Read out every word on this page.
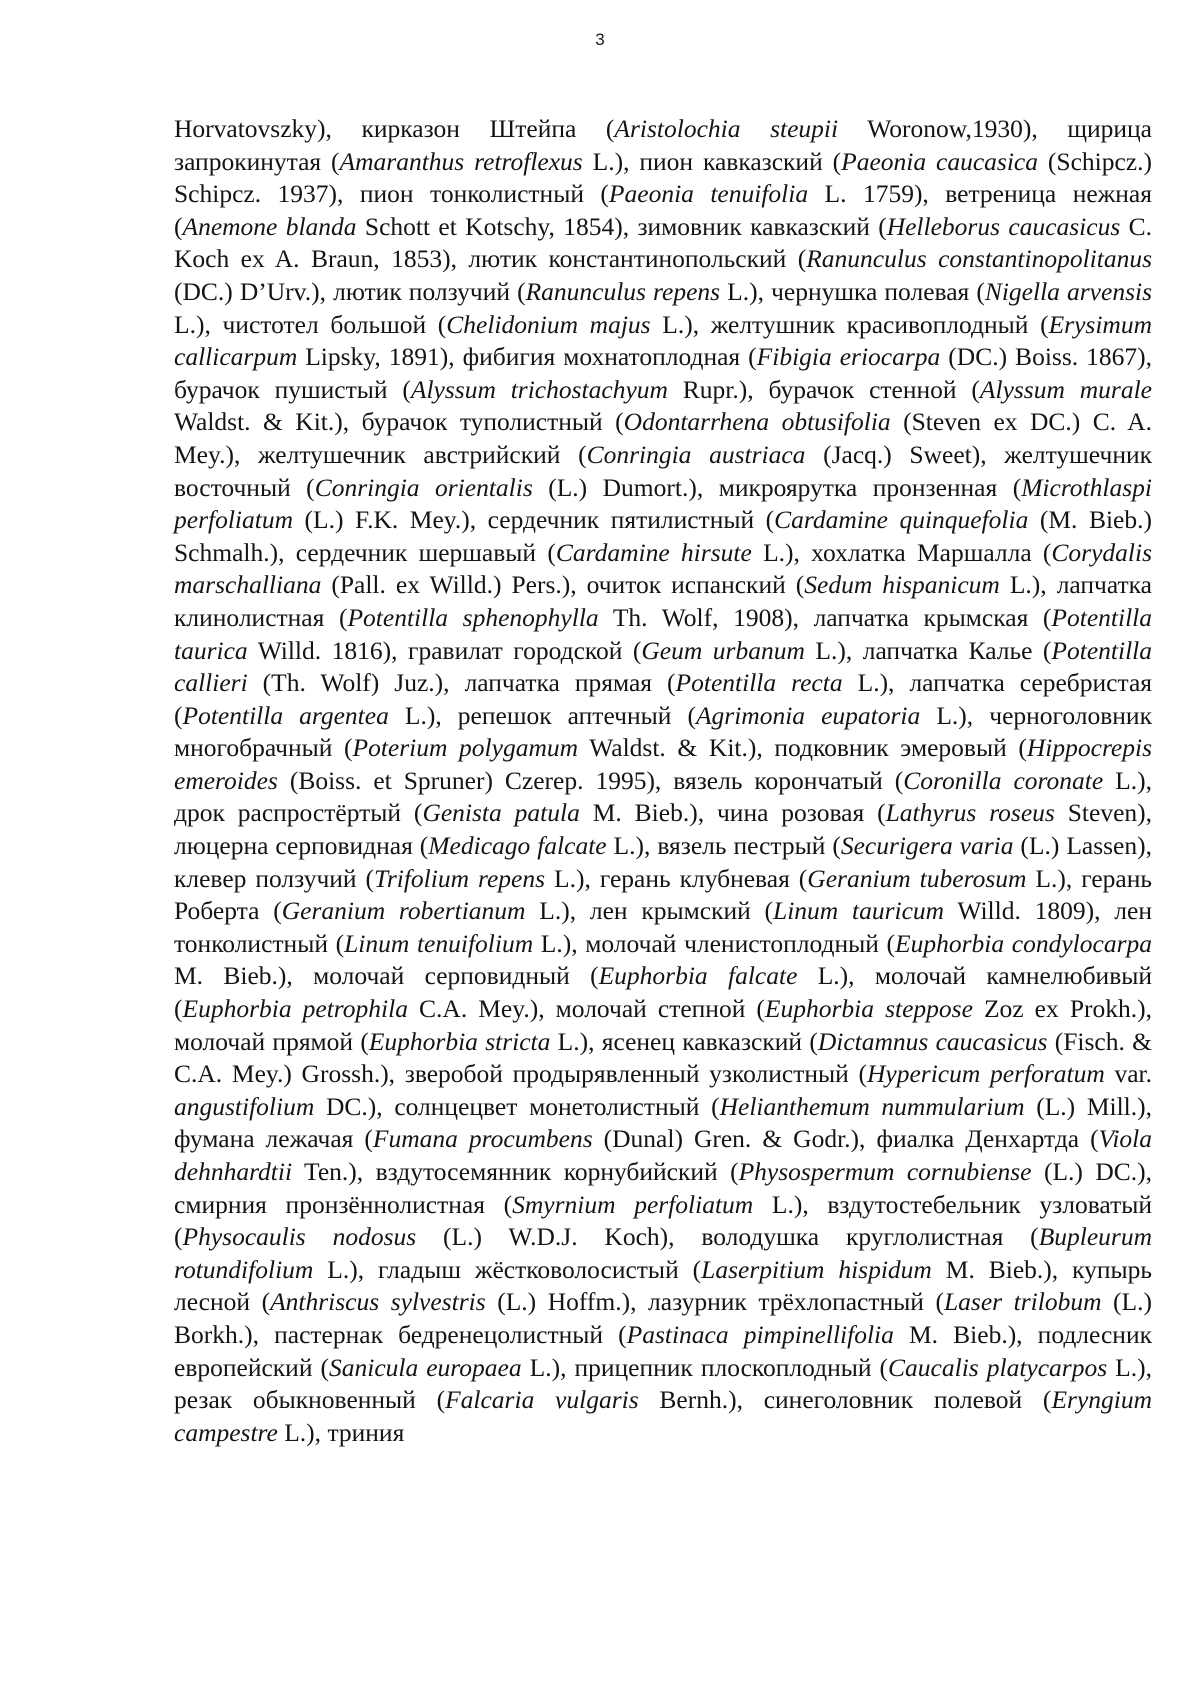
3

Horvatovszky), кирказон Штейпа (Aristolochia steupii Woronow,1930), щирица запрокинутая (Amaranthus retroflexus L.), пион кавказский (Paeonia caucasica (Schipcz.) Schipcz. 1937), пион тонколистный (Paeonia tenuifolia L. 1759), ветреница нежная (Anemone blanda Schott et Kotschy, 1854), зимовник кавказский (Helleborus caucasicus C. Koch ex A. Braun, 1853), лютик константинопольский (Ranunculus constantinopolitanus (DC.) D’Urv.), лютик ползучий (Ranunculus repens L.), чернушка полевая (Nigella arvensis L.), чистотел большой (Chelidonium majus L.), желтушник красивоплодный (Erysimum callicarpum Lipsky, 1891), фибигия мохнатоплодная (Fibigia eriocarpa (DC.) Boiss. 1867), бурачок пушистый (Alyssum trichostachyum Rupr.), бурачок стенной (Alyssum murale Waldst. & Kit.), бурачок туполистный (Odontarrhena obtusifolia (Steven ex DC.) C. A. Mey.), желтушечник австрийский (Conringia austriaca (Jacq.) Sweet), желтушечник восточный (Conringia orientalis (L.) Dumort.), микроярутка пронзенная (Microthlaspi perfoliatum (L.) F.K. Mey.), сердечник пятилистный (Cardamine quinquefolia (M. Bieb.) Schmalh.), сердечник шершавый (Cardamine hirsute L.), хохлатка Маршалла (Corydalis marschalliana (Pall. ex Willd.) Pers.), очиток испанский (Sedum hispanicum L.), лапчатка клинолистная (Potentilla sphenophylla Th. Wolf, 1908), лапчатка крымская (Potentilla taurica Willd. 1816), гравилат городской (Geum urbanum L.), лапчатка Калье (Potentilla callieri (Th. Wolf) Juz.), лапчатка прямая (Potentilla recta L.), лапчатка серебристая (Potentilla argentea L.), репешок аптечный (Agrimonia eupatoria L.), черноголовник многобрачный (Poterium polygamum Waldst. & Kit.), подковник эмеровый (Hippocrepis emeroides (Boiss. et Spruner) Czerep. 1995), вязель корончатый (Coronilla coronate L.), дрок распростёртый (Genista patula M. Bieb.), чина розовая (Lathyrus roseus Steven), люцерна серповидная (Medicago falcate L.), вязель пестрый (Securigera varia (L.) Lassen), клевер ползучий (Trifolium repens L.), герань клубневая (Geranium tuberosum L.), герань Роберта (Geranium robertianum L.), лен крымский (Linum tauricum Willd. 1809), лен тонколистный (Linum tenuifolium L.), молочай членистоплодный (Euphorbia condylocarpa M. Bieb.), молочай серповидный (Euphorbia falcate L.), молочай камнелюбивый (Euphorbia petrophila C.A. Mey.), молочай степной (Euphorbia steppose Zoz ex Prokh.), молочай прямой (Euphorbia stricta L.), ясенец кавказский (Dictamnus caucasicus (Fisch. & C.A. Mey.) Grossh.), зверобой продырявленный узколистный (Hypericum perforatum var. angustifolium DC.), солнцецвет монетолистный (Helianthemum nummularium (L.) Mill.), фумана лежачая (Fumana procumbens (Dunal) Gren. & Godr.), фиалка Денхартда (Viola dehnhardtii Ten.), вздутосемянник корнубийский (Physospermum cornubiense (L.) DC.), смирния пронзённолистная (Smyrnium perfoliatum L.), вздутостебельник узловатый (Physocaulis nodosus (L.) W.D.J. Koch), володушка круглолистная (Bupleurum rotundifolium L.), гладыш жёстковолосистый (Laserpitium hispidum M. Bieb.), купырь лесной (Anthriscus sylvestris (L.) Hoffm.), лазурник трёхлопастный (Laser trilobum (L.) Borkh.), пастернак бедренецолистный (Pastinaca pimpinellifolia M. Bieb.), подлесник европейский (Sanicula europaea L.), прицепник плоскоплодный (Caucalis platycarpos L.), резак обыкновенный (Falcaria vulgaris Bernh.), синеголовник полевой (Eryngium campestre L.), триния
